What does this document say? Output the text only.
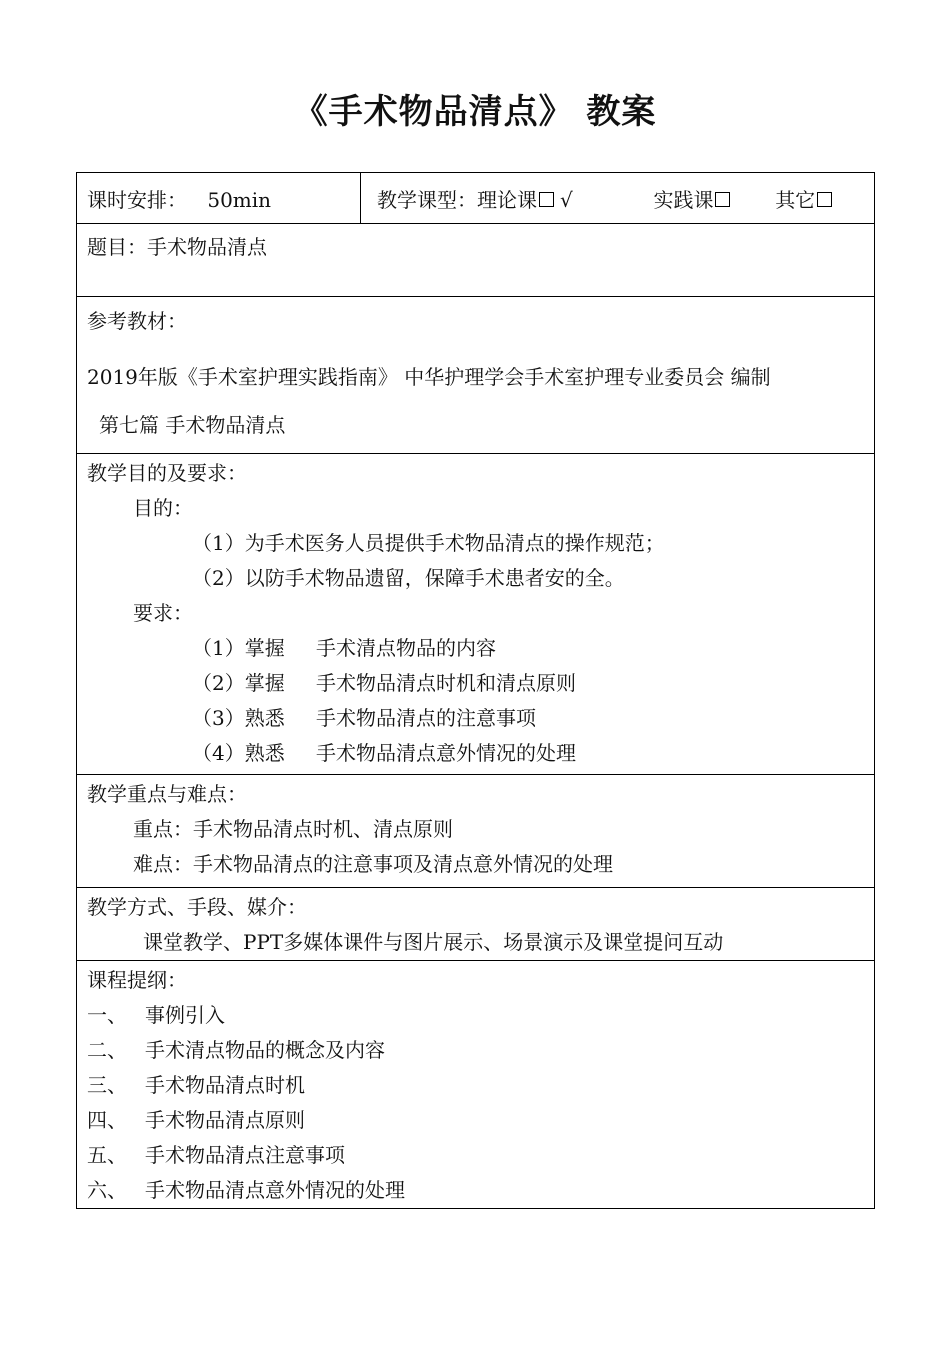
《手术物品清点》 教案
课时安排： 50min	教学课型：理论课 √	实践课	其它

题目：手术物品清点

参考教材：
2019年版《手术室护理实践指南》 中华护理学会手术室护理专业委员会 编制
第七篇 手术物品清点

教学目的及要求：
目的：
（1）为手术医务人员提供手术物品清点的操作规范；
（2）以防手术物品遗留，保障手术患者安的全。
要求：
（1）掌握 手术清点物品的内容
（2）掌握 手术物品清点时机和清点原则
（3）熟悉 手术物品清点的注意事项
（4）熟悉 手术物品清点意外情况的处理

教学重点与难点：
重点：手术物品清点时机、清点原则
难点：手术物品清点的注意事项及清点意外情况的处理

教学方式、手段、媒介：
课堂教学、PPT多媒体课件与图片展示、场景演示及课堂提问互动

课程提纲：
一、 事例引入
二、 手术清点物品的概念及内容
三、 手术物品清点时机
四、 手术物品清点原则
五、 手术物品清点注意事项
六、 手术物品清点意外情况的处理
